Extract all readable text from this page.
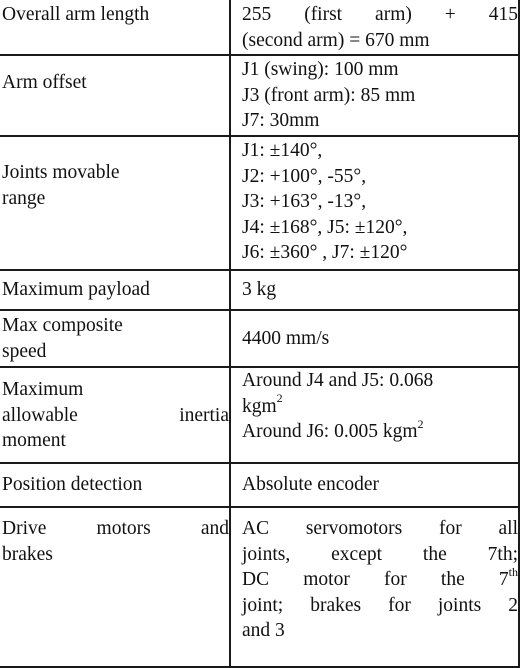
Overall arm length	255 (first arm) + 415
(second arm) = 670 mm

Arm offset	J1 (swing): 100 mm
J3 (front arm): 85 mm
J7: 30mm

Joints movable
range	J1: ±140°,
J2: +100°, -55°,
J3: +163°, -13°,
J4: ±168°, J5: ±120°,
J6: ±360° , J7: ±120°

Maximum payload	3 kg

Max composite
speed	4400 mm/s

Maximum
allowable inertia
moment	Around J4 and J5: 0.068
kgm$^2$
Around J6: 0.005 kgm$^2$

Position detection	Absolute encoder

Drive motors and
brakes	AC servomotors for all
joints, except the 7th;
DC motor for the 7th
joint; brakes for joints 2
and 3
